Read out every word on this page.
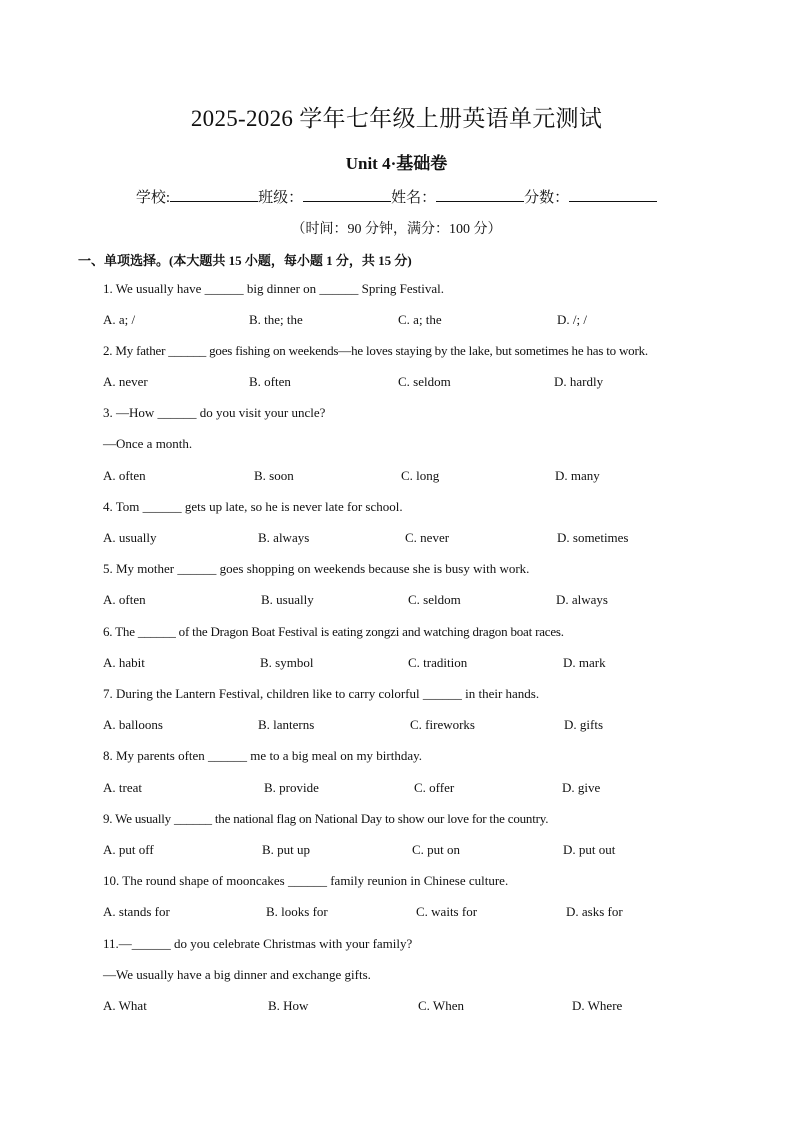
2025-2026 学年七年级上册英语单元测试
Unit 4·基础卷
学校:	班级：	姓名：	分数：
（时间：90 分钟，满分：100 分）
一、单项选择。(本大题共 15 小题，每小题 1 分，共 15 分)
1. We usually have ______ big dinner on ______ Spring Festival.
A. a; /	B. the; the	C. a; the	D. /; /
2. My father ______ goes fishing on weekends—he loves staying by the lake, but sometimes he has to work.
A. never	B. often	C. seldom	D. hardly
3. —How ______ do you visit your uncle?
—Once a month.
A. often	B. soon	C. long	D. many
4. Tom ______ gets up late, so he is never late for school.
A. usually	B. always	C. never	D. sometimes
5. My mother ______ goes shopping on weekends because she is busy with work.
A. often	B. usually	C. seldom	D. always
6. The ______ of the Dragon Boat Festival is eating zongzi and watching dragon boat races.
A. habit	B. symbol	C. tradition	D. mark
7. During the Lantern Festival, children like to carry colorful ______ in their hands.
A. balloons	B. lanterns	C. fireworks	D. gifts
8. My parents often ______ me to a big meal on my birthday.
A. treat	B. provide	C. offer	D. give
9. We usually ______ the national flag on National Day to show our love for the country.
A. put off	B. put up	C. put on	D. put out
10. The round shape of mooncakes ______ family reunion in Chinese culture.
A. stands for	B. looks for	C. waits for	D. asks for
11.—______ do you celebrate Christmas with your family?
—We usually have a big dinner and exchange gifts.
A. What	B. How	C. When	D. Where
